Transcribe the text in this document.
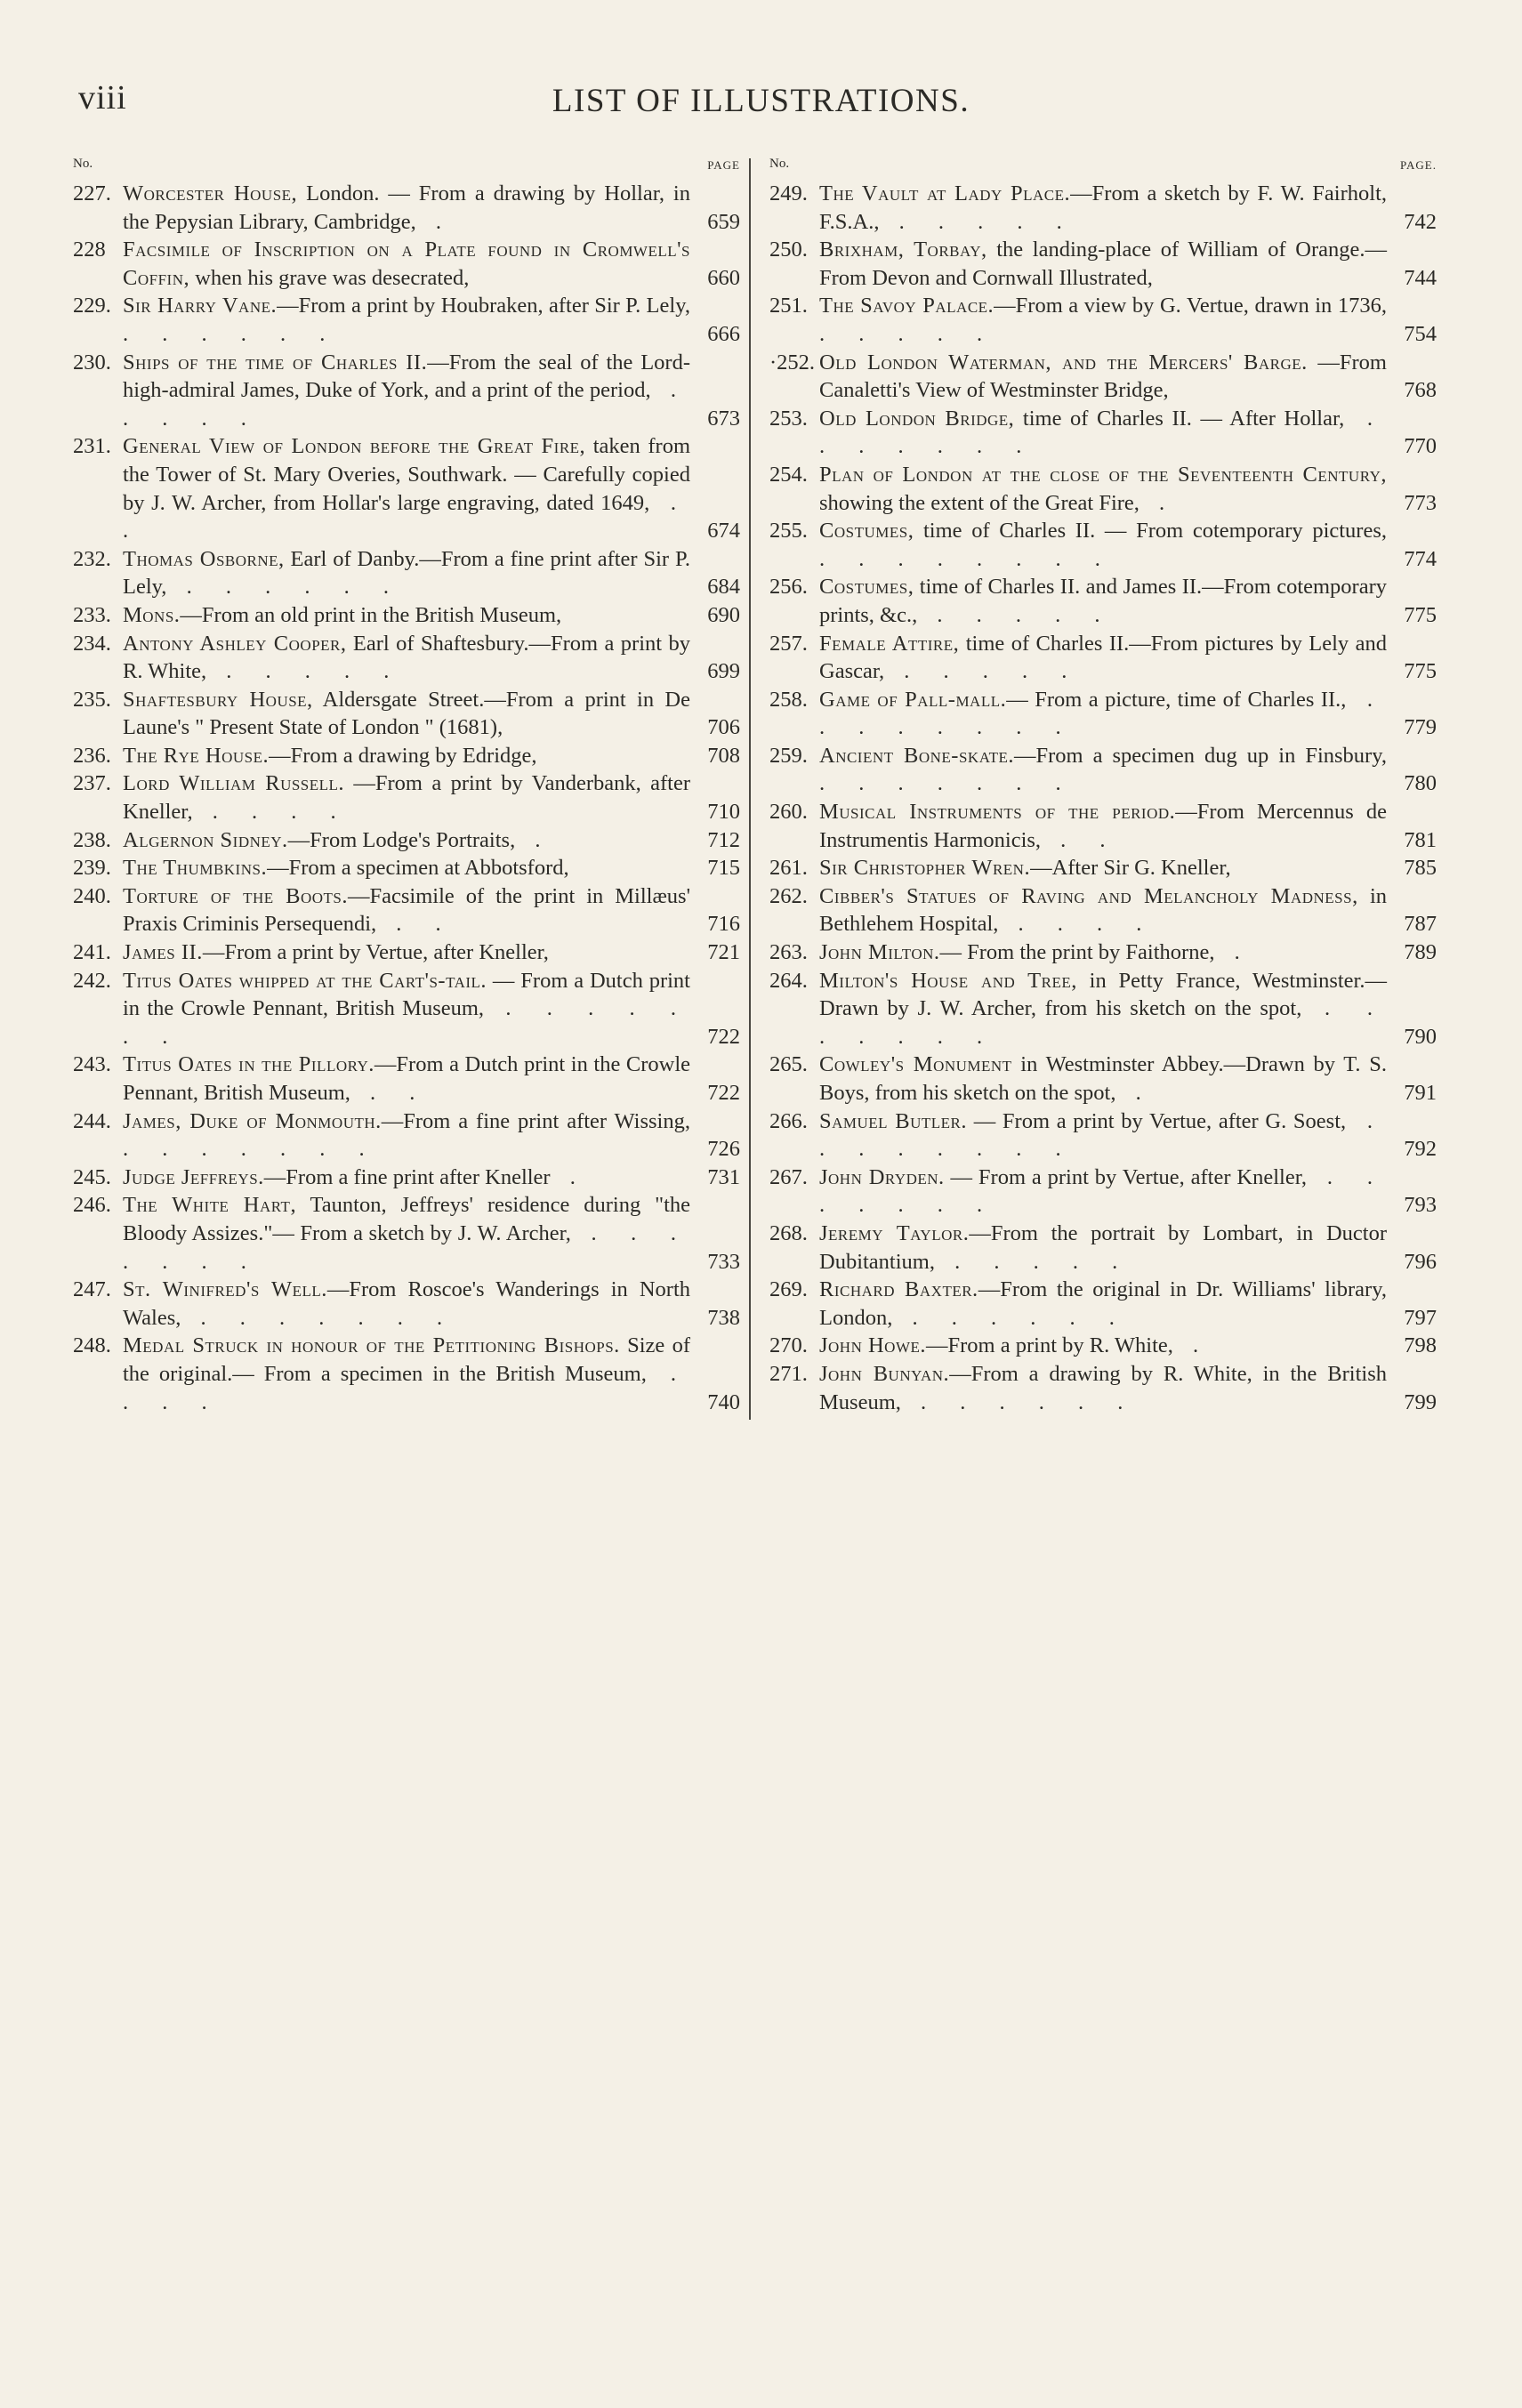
viii	LIST OF ILLUSTRATIONS.
No.	PAGE
227. Worcester House, London. — From a drawing by Hollar, in the Pepysian Library, Cambridge, .	659
228 Facsimile of Inscription on a Plate found in Cromwell's Coffin, when his grave was desecrated,	660
229. Sir Harry Vane.—From a print by Houbraken, after Sir P. Lely, . . . . . .	666
230. Ships of the time of Charles II.—From the seal of the Lord-high-admiral James, Duke of York, and a print of the period, . . . . .	673
231. General View of London before the Great Fire, taken from the Tower of St. Mary Overies, Southwark. — Carefully copied by J. W. Archer, from Hollar's large engraving, dated 1649, . .	674
232. Thomas Osborne, Earl of Danby.—From a fine print after Sir P. Lely, . . . . . .	684
233. Mons.—From an old print in the British Museum,	690
234. Antony Ashley Cooper, Earl of Shaftesbury.—From a print by R. White, . . . . .	699
235. Shaftesbury House, Aldersgate Street.—From a print in De Laune's " Present State of London " (1681),	706
236. The Rye House.—From a drawing by Edridge,	708
237. Lord William Russell. —From a print by Vanderbank, after Kneller, . . . .	710
238. Algernon Sidney.—From Lodge's Portraits, .	712
239. The Thumbkins.—From a specimen at Abbotsford,	715
240. Torture of the Boots.—Facsimile of the print in Millæus' Praxis Criminis Persequendi, . .	716
241. James II.—From a print by Vertue, after Kneller,	721
242. Titus Oates whipped at the Cart's-tail. — From a Dutch print in the Crowle Pennant, British Museum, . . . . . . .	722
243. Titus Oates in the Pillory.—From a Dutch print in the Crowle Pennant, British Museum, . .	722
244. James, Duke of Monmouth.—From a fine print after Wissing, . . . . . . .	726
245. Judge Jeffreys.—From a fine print after Kneller .	731
246. The White Hart, Taunton, Jeffreys' residence during "the Bloody Assizes."— From a sketch by J. W. Archer, . . . . . . .	733
247. St. Winifred's Well.—From Roscoe's Wanderings in North Wales, . . . . . . .	738
248. Medal Struck in honour of the Petitioning Bishops. Size of the original.— From a specimen in the British Museum, . . . .	740
No.	PAGE.
249. The Vault at Lady Place.—From a sketch by F. W. Fairholt, F.S.A., . . . . .	742
250. Brixham, Torbay, the landing-place of William of Orange.—From Devon and Cornwall Illustrated,	744
251. The Savoy Palace.—From a view by G. Vertue, drawn in 1736, . . . . .	754
·252. Old London Waterman, and the Mercers' Barge. —From Canaletti's View of Westminster Bridge,	768
253. Old London Bridge, time of Charles II. — After Hollar, . . . . . . .	770
254. Plan of London at the close of the Seventeenth Century, showing the extent of the Great Fire, .	773
255. Costumes, time of Charles II. — From cotemporary pictures, . . . . . . . .	774
256. Costumes, time of Charles II. and James II.—From cotemporary prints, &c., . . . . .	775
257. Female Attire, time of Charles II.—From pictures by Lely and Gascar, . . . . .	775
258. Game of Pall-mall.— From a picture, time of Charles II., . . . . . . . .	779
259. Ancient Bone-skate.—From a specimen dug up in Finsbury, . . . . . . .	780
260. Musical Instruments of the period.—From Mercennus de Instrumentis Harmonicis, . .	781
261. Sir Christopher Wren.—After Sir G. Kneller,	785
262. Cibber's Statues of Raving and Melancholy Madness, in Bethlehem Hospital, . . . .	787
263. John Milton.— From the print by Faithorne, .	789
264. Milton's House and Tree, in Petty France, Westminster.—Drawn by J. W. Archer, from his sketch on the spot, . . . . . . .	790
265. Cowley's Monument in Westminster Abbey.—Drawn by T. S. Boys, from his sketch on the spot, .	791
266. Samuel Butler. — From a print by Vertue, after G. Soest, . . . . . . . .	792
267. John Dryden. — From a print by Vertue, after Kneller, . . . . . . .	793
268. Jeremy Taylor.—From the portrait by Lombart, in Ductor Dubitantium, . . . . .	796
269. Richard Baxter.—From the original in Dr. Williams' library, London, . . . . . .	797
270. John Howe.—From a print by R. White, .	798
271. John Bunyan.—From a drawing by R. White, in the British Museum, . . . . . .	799
